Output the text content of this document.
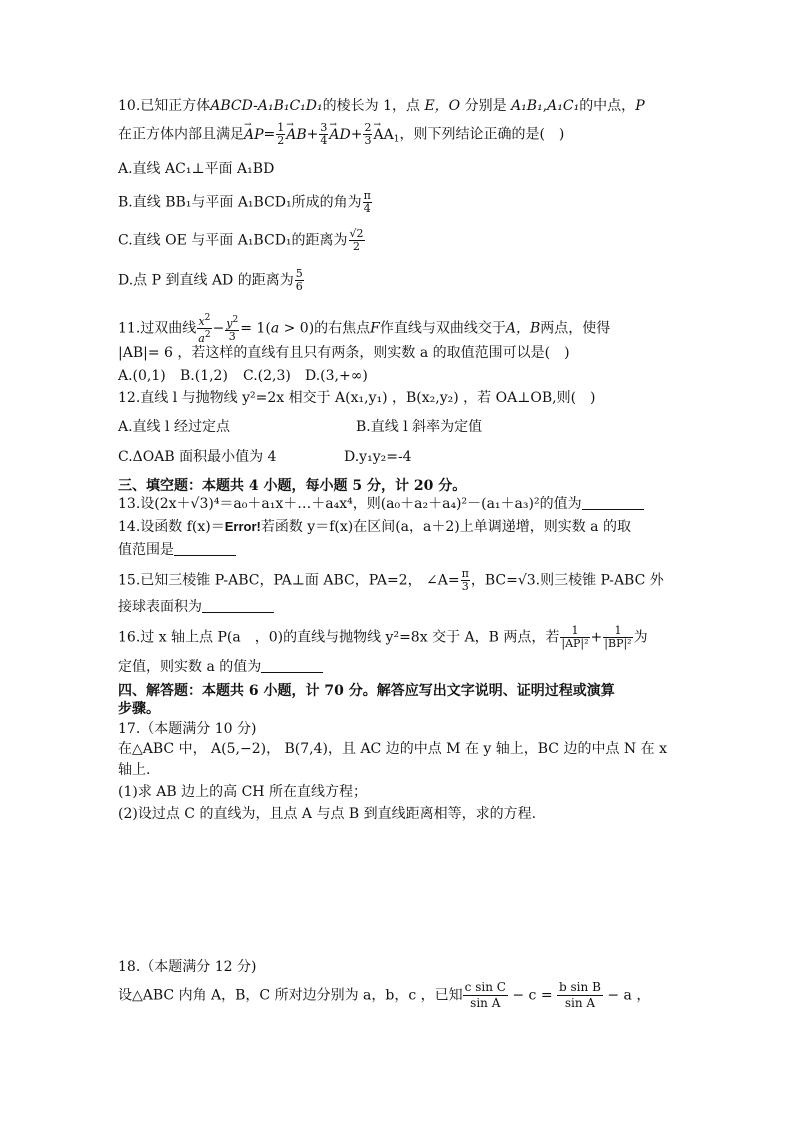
10.已知正方体ABCD-A₁B₁C₁D₁的棱长为 1，点 E，O 分别是 A₁B₁,A₁C₁的中点，P
在正方体内部且满足→ $AP= \frac{1}{2}$
→ $AB+ \frac{3}{4}$
→ $AD+ \frac{2}{3}$
→ $AA_1$，则下列结论正确的是(　)
A.直线 AC₁⊥平面 A₁BD
B.直线 BB₁与平面 A₁BCD₁所成的角为 $\frac{\pi}{4}$
C.直线 OE 与平面 A₁BCD₁的距离为 $\frac{√2}{2}$
D.点 P 到直线 AD 的距离为 $\frac{5}{6}$
11.过双曲线 $\frac{x^2}{a^2} - \frac{y^2}{3} = 1(a > 0)$的右焦点F作直线与双曲线交于A，B两点，使得
|AB|= 6 ，若这样的直线有且只有两条，则实数 a 的取值范围可以是(　)
A.(0,1) B.(1,2) C.(2,3) D.(3,+∞)
12.直线 l 与抛物线 y²=2x 相交于 A(x₁,y₁) ，B(x₂,y₂) ，若 OA⊥OB,则(　)
A.直线 l 经过定点	B.直线 l 斜率为定值
C.ΔOAB 面积最小值为 4	D.y₁y₂=-4
三、填空题：本题共 4 小题，每小题 5 分，计 20 分。
13.设(2x＋√3)⁴＝a₀＋a₁x＋…＋a₄x⁴，则(a₀＋a₂＋a₄)²－(a₁＋a₃)²的值为
14.设函数 f(x)＝Error!若函数 y＝f(x)在区间(a，a＋2)上单调递增，则实数 a 的取
值范围是
15.已知三棱锥 P-ABC，PA⊥面 ABC，PA=2， ∠A= $\frac{\pi}{3}$ ，BC=√3.则三棱锥 P-ABC 外
接球表面积为
16.过 x 轴上点 P(a　，0)的直线与抛物线 y²=8x 交于 A，B 两点，若 $\frac{1}{\text{|AP|²}} + \frac{1}{\text{|BP|²}}$ 为
定值，则实数 a 的值为
四、解答题：本题共 6 小题，计 70 分。解答应写出文字说明、证明过程或演算
步骤。
17.（本题满分 10 分)
在△ABC 中， A(5,−2)， B(7,4)，且 AC 边的中点 M 在 y 轴上，BC 边的中点 N 在 x
轴上.
(1)求 AB 边上的高 CH 所在直线方程；
(2)设过点 C 的直线为，且点 A 与点 B 到直线距离相等，求的方程.
18.（本题满分 12 分)
设△ABC 内角 A，B，C 所对边分别为 a，b，c ，已知 $\frac{\text{c sin C}}{\text{sin A}} - c = \frac{\text{b sin B}}{\text{sin A}} - a$ ，
